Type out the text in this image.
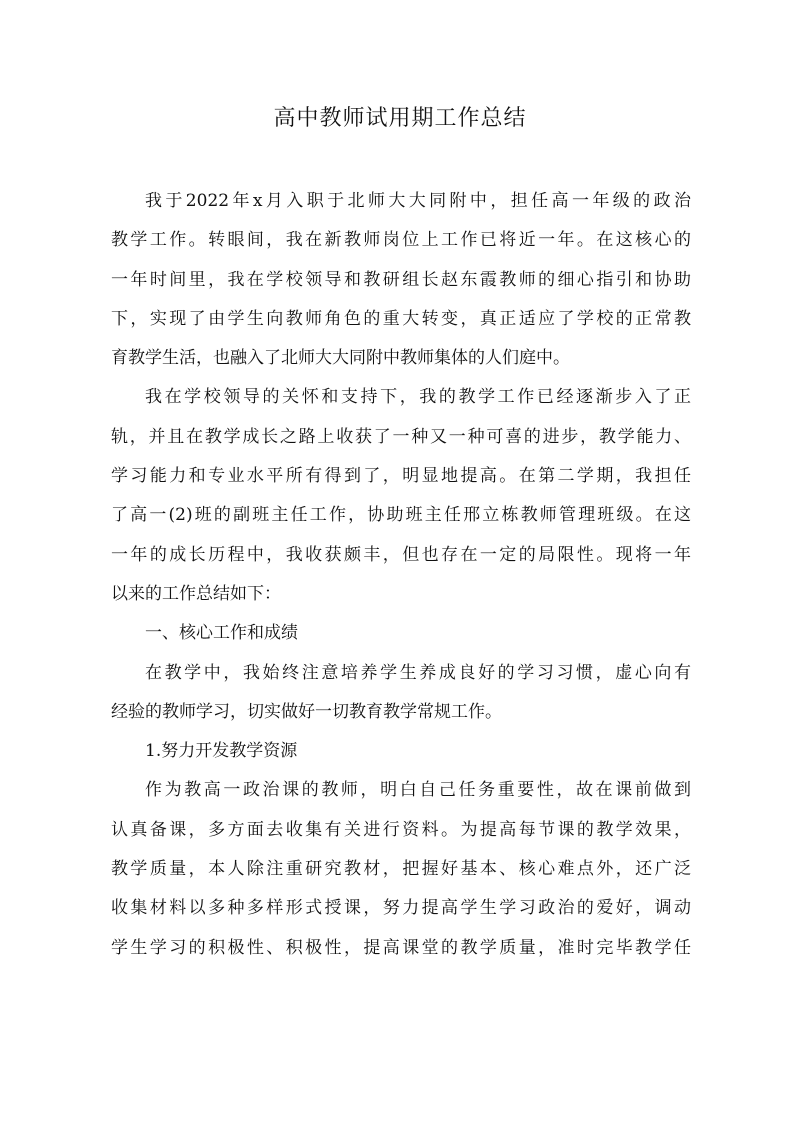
高中教师试用期工作总结
我于2022年x月入职于北师大大同附中，担任高一年级的政治
教学工作。转眼间，我在新教师岗位上工作已将近一年。在这核心的
一年时间里，我在学校领导和教研组长赵东霞教师的细心指引和协助
下，实现了由学生向教师角色的重大转变，真正适应了学校的正常教
育教学生活，也融入了北师大大同附中教师集体的人们庭中。
我在学校领导的关怀和支持下，我的教学工作已经逐渐步入了正
轨，并且在教学成长之路上收获了一种又一种可喜的进步，教学能力、
学习能力和专业水平所有得到了，明显地提高。在第二学期，我担任
了高一(2)班的副班主任工作，协助班主任邢立栋教师管理班级。在这
一年的成长历程中，我收获颇丰，但也存在一定的局限性。现将一年
以来的工作总结如下：
一、核心工作和成绩
在教学中，我始终注意培养学生养成良好的学习习惯，虚心向有
经验的教师学习，切实做好一切教育教学常规工作。
1.努力开发教学资源
作为教高一政治课的教师，明白自己任务重要性，故在课前做到
认真备课，多方面去收集有关进行资料。为提高每节课的教学效果，
教学质量，本人除注重研究教材，把握好基本、核心难点外，还广泛
收集材料以多种多样形式授课，努力提高学生学习政治的爱好，调动
学生学习的积极性、积极性，提高课堂的教学质量，准时完毕教学任
